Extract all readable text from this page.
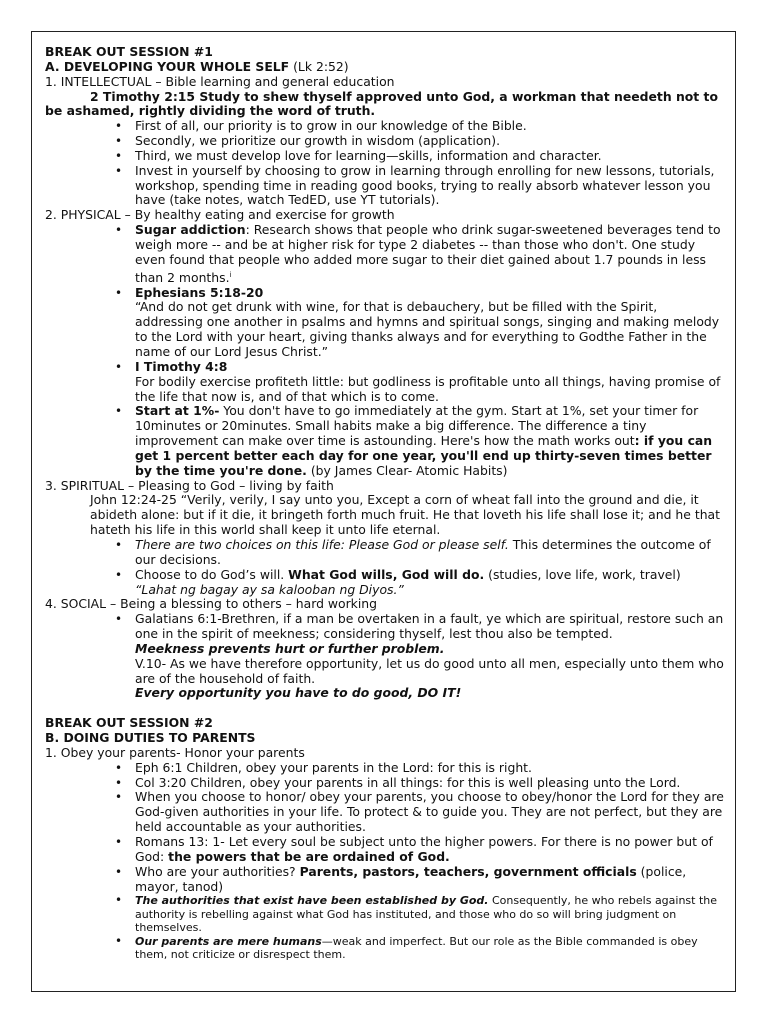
BREAK OUT SESSION #1

A. DEVELOPING YOUR WHOLE SELF (Lk 2:52)

1. INTELLECTUAL – Bible learning and general education

2 Timothy 2:15 Study to shew thyself approved unto God, a workman that needeth not to be ashamed, rightly dividing the word of truth.

• First of all, our priority is to grow in our knowledge of the Bible.
• Secondly, we prioritize our growth in wisdom (application).
• Third, we must develop love for learning—skills, information and character.
• Invest in yourself by choosing to grow in learning through enrolling for new lessons, tutorials, workshop, spending time in reading good books, trying to really absorb whatever lesson you have (take notes, watch TedED, use YT tutorials).

2. PHYSICAL – By healthy eating and exercise for growth

• Sugar addiction: Research shows that people who drink sugar-sweetened beverages tend to weigh more -- and be at higher risk for type 2 diabetes -- than those who don't. One study even found that people who added more sugar to their diet gained about 1.7 pounds in less than 2 months.$^i$
• Ephesians 5:18-20
“And do not get drunk with wine, for that is debauchery, but be filled with the Spirit, addressing one another in psalms and hymns and spiritual songs, singing and making melody to the Lord with your heart, giving thanks always and for everything to Godthe Father in the name of our Lord Jesus Christ.”
• I Timothy 4:8
For bodily exercise profiteth little: but godliness is profitable unto all things, having promise of the life that now is, and of that which is to come.
• Start at 1%- You don't have to go immediately at the gym. Start at 1%, set your timer for 10minutes or 20minutes. Small habits make a big difference. The difference a tiny improvement can make over time is astounding. Here's how the math works out: if you can get 1 percent better each day for one year, you'll end up thirty-seven times better by the time you're done. (by James Clear- Atomic Habits)

3. SPIRITUAL – Pleasing to God – living by faith

John 12:24-25 “Verily, verily, I say unto you, Except a corn of wheat fall into the ground and die, it abideth alone: but if it die, it bringeth forth much fruit. He that loveth his life shall lose it; and he that hateth his life in this world shall keep it unto life eternal.

• There are two choices on this life: Please God or please self. This determines the outcome of our decisions.
• Choose to do God’s will. What God wills, God will do. (studies, love life, work, travel)
“Lahat ng bagay ay sa kalooban ng Diyos.”

4. SOCIAL – Being a blessing to others – hard working

• Galatians 6:1-Brethren, if a man be overtaken in a fault, ye which are spiritual, restore such an one in the spirit of meekness; considering thyself, lest thou also be tempted.

Meekness prevents hurt or further problem.

V.10- As we have therefore opportunity, let us do good unto all men, especially unto them who are of the household of faith.

Every opportunity you have to do good, DO IT!

BREAK OUT SESSION #2

B. DOING DUTIES TO PARENTS

1. Obey your parents- Honor your parents

• Eph 6:1 Children, obey your parents in the Lord: for this is right.
• Col 3:20 Children, obey your parents in all things: for this is well pleasing unto the Lord.
• When you choose to honor/ obey your parents, you choose to obey/honor the Lord for they are God-given authorities in your life. To protect & to guide you. They are not perfect, but they are held accountable as your authorities.
• Romans 13: 1- Let every soul be subject unto the higher powers. For there is no power but of God: the powers that be are ordained of God.
• Who are your authorities? Parents, pastors, teachers, government officials (police, mayor, tanod)
• The authorities that exist have been established by God. Consequently, he who rebels against the authority is rebelling against what God has instituted, and those who do so will bring judgment on themselves.
• Our parents are mere humans—weak and imperfect. But our role as the Bible commanded is obey them, not criticize or disrespect them.
